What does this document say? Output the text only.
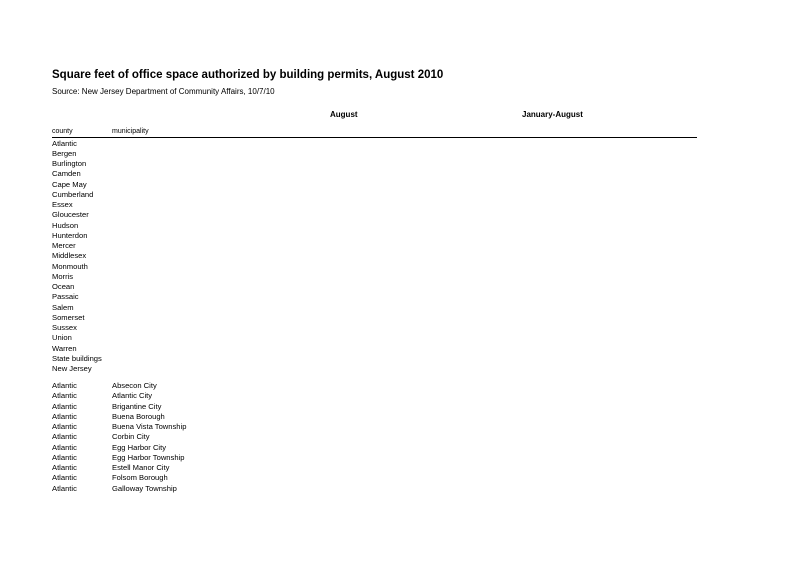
Square feet of office space authorized by building permits, August 2010
Source: New Jersey Department of Community Affairs, 10/7/10
August	January-August
county	municipality
Atlantic
Bergen
Burlington
Camden
Cape May
Cumberland
Essex
Gloucester
Hudson
Hunterdon
Mercer
Middlesex
Monmouth
Morris
Ocean
Passaic
Salem
Somerset
Sussex
Union
Warren
State buildings
New Jersey
Atlantic	Absecon City
Atlantic	Atlantic City
Atlantic	Brigantine City
Atlantic	Buena Borough
Atlantic	Buena Vista Township
Atlantic	Corbin City
Atlantic	Egg Harbor City
Atlantic	Egg Harbor Township
Atlantic	Estell Manor City
Atlantic	Folsom Borough
Atlantic	Galloway Township
